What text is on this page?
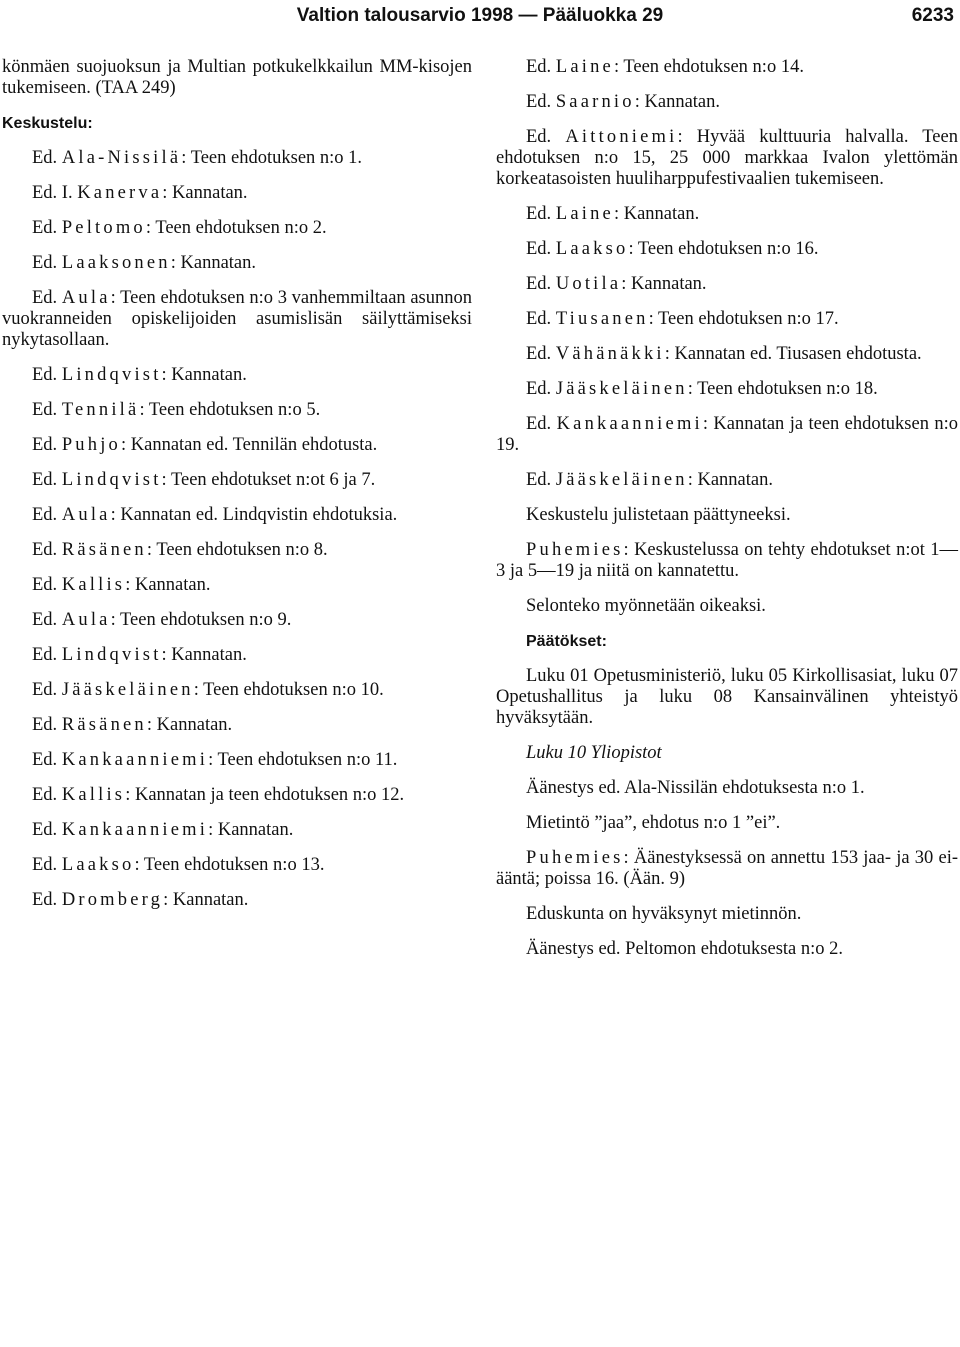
Valtion talousarvio 1998 — Pääluokka 29	6233

könmäen suojuoksun ja Multian potkukelkkailun MM-kisojen tukemiseen. (TAA 249)

Keskustelu:

Ed. Ala-Nissilä: Teen ehdotuksen n:o 1.

Ed. I. Kanerva: Kannatan.

Ed. Peltomo: Teen ehdotuksen n:o 2.

Ed. Laaksonen: Kannatan.

Ed. Aula: Teen ehdotuksen n:o 3 vanhemmiltaan asunnon vuokranneiden opiskelijoiden asumislisän säilyttämiseksi nykytasollaan.

Ed. Lindqvist: Kannatan.

Ed. Tennilä: Teen ehdotuksen n:o 5.

Ed. Puhjo: Kannatan ed. Tennilän ehdotusta.

Ed. Lindqvist: Teen ehdotukset n:ot 6 ja 7.

Ed. Aula: Kannatan ed. Lindqvistin ehdotuksia.

Ed. Räsänen: Teen ehdotuksen n:o 8.

Ed. Kallis: Kannatan.

Ed. Aula: Teen ehdotuksen n:o 9.

Ed. Lindqvist: Kannatan.

Ed. Jääskeläinen: Teen ehdotuksen n:o 10.

Ed. Räsänen: Kannatan.

Ed. Kankaanniemi: Teen ehdotuksen n:o 11.

Ed. Kallis: Kannatan ja teen ehdotuksen n:o 12.

Ed. Kankaanniemi: Kannatan.

Ed. Laakso: Teen ehdotuksen n:o 13.

Ed. Dromberg: Kannatan.

Ed. Laine: Teen ehdotuksen n:o 14.

Ed. Saarnio: Kannatan.

Ed. Aittoniemi: Hyvää kulttuuria halvalla. Teen ehdotuksen n:o 15, 25 000 markkaa Ivalon ylettömän korkeatasoisten huuliharppufestivaalien tukemiseen.

Ed. Laine: Kannatan.

Ed. Laakso: Teen ehdotuksen n:o 16.

Ed. Uotila: Kannatan.

Ed. Tiusanen: Teen ehdotuksen n:o 17.

Ed. Vähänäkki: Kannatan ed. Tiusasen ehdotusta.

Ed. Jääskeläinen: Teen ehdotuksen n:o 18.

Ed. Kankaanniemi: Kannatan ja teen ehdotuksen n:o 19.

Ed. Jääskeläinen: Kannatan.

Keskustelu julistetaan päättyneeksi.

Puhemies: Keskustelussa on tehty ehdotukset n:ot 1—3 ja 5—19 ja niitä on kannatettu.

Selonteko myönnetään oikeaksi.

Päätökset:

Luku 01 Opetusministeriö, luku 05 Kirkollisasiat, luku 07 Opetushallitus ja luku 08 Kansainvälinen yhteistyö hyväksytään.

Luku 10 Yliopistot

Äänestys ed. Ala-Nissilän ehdotuksesta n:o 1.

Mietintö ”jaa”, ehdotus n:o 1 ”ei”.

Puhemies: Äänestyksessä on annettu 153 jaa- ja 30 ei-ääntä; poissa 16. (Ään. 9)

Eduskunta on hyväksynyt mietinnön.

Äänestys ed. Peltomon ehdotuksesta n:o 2.
